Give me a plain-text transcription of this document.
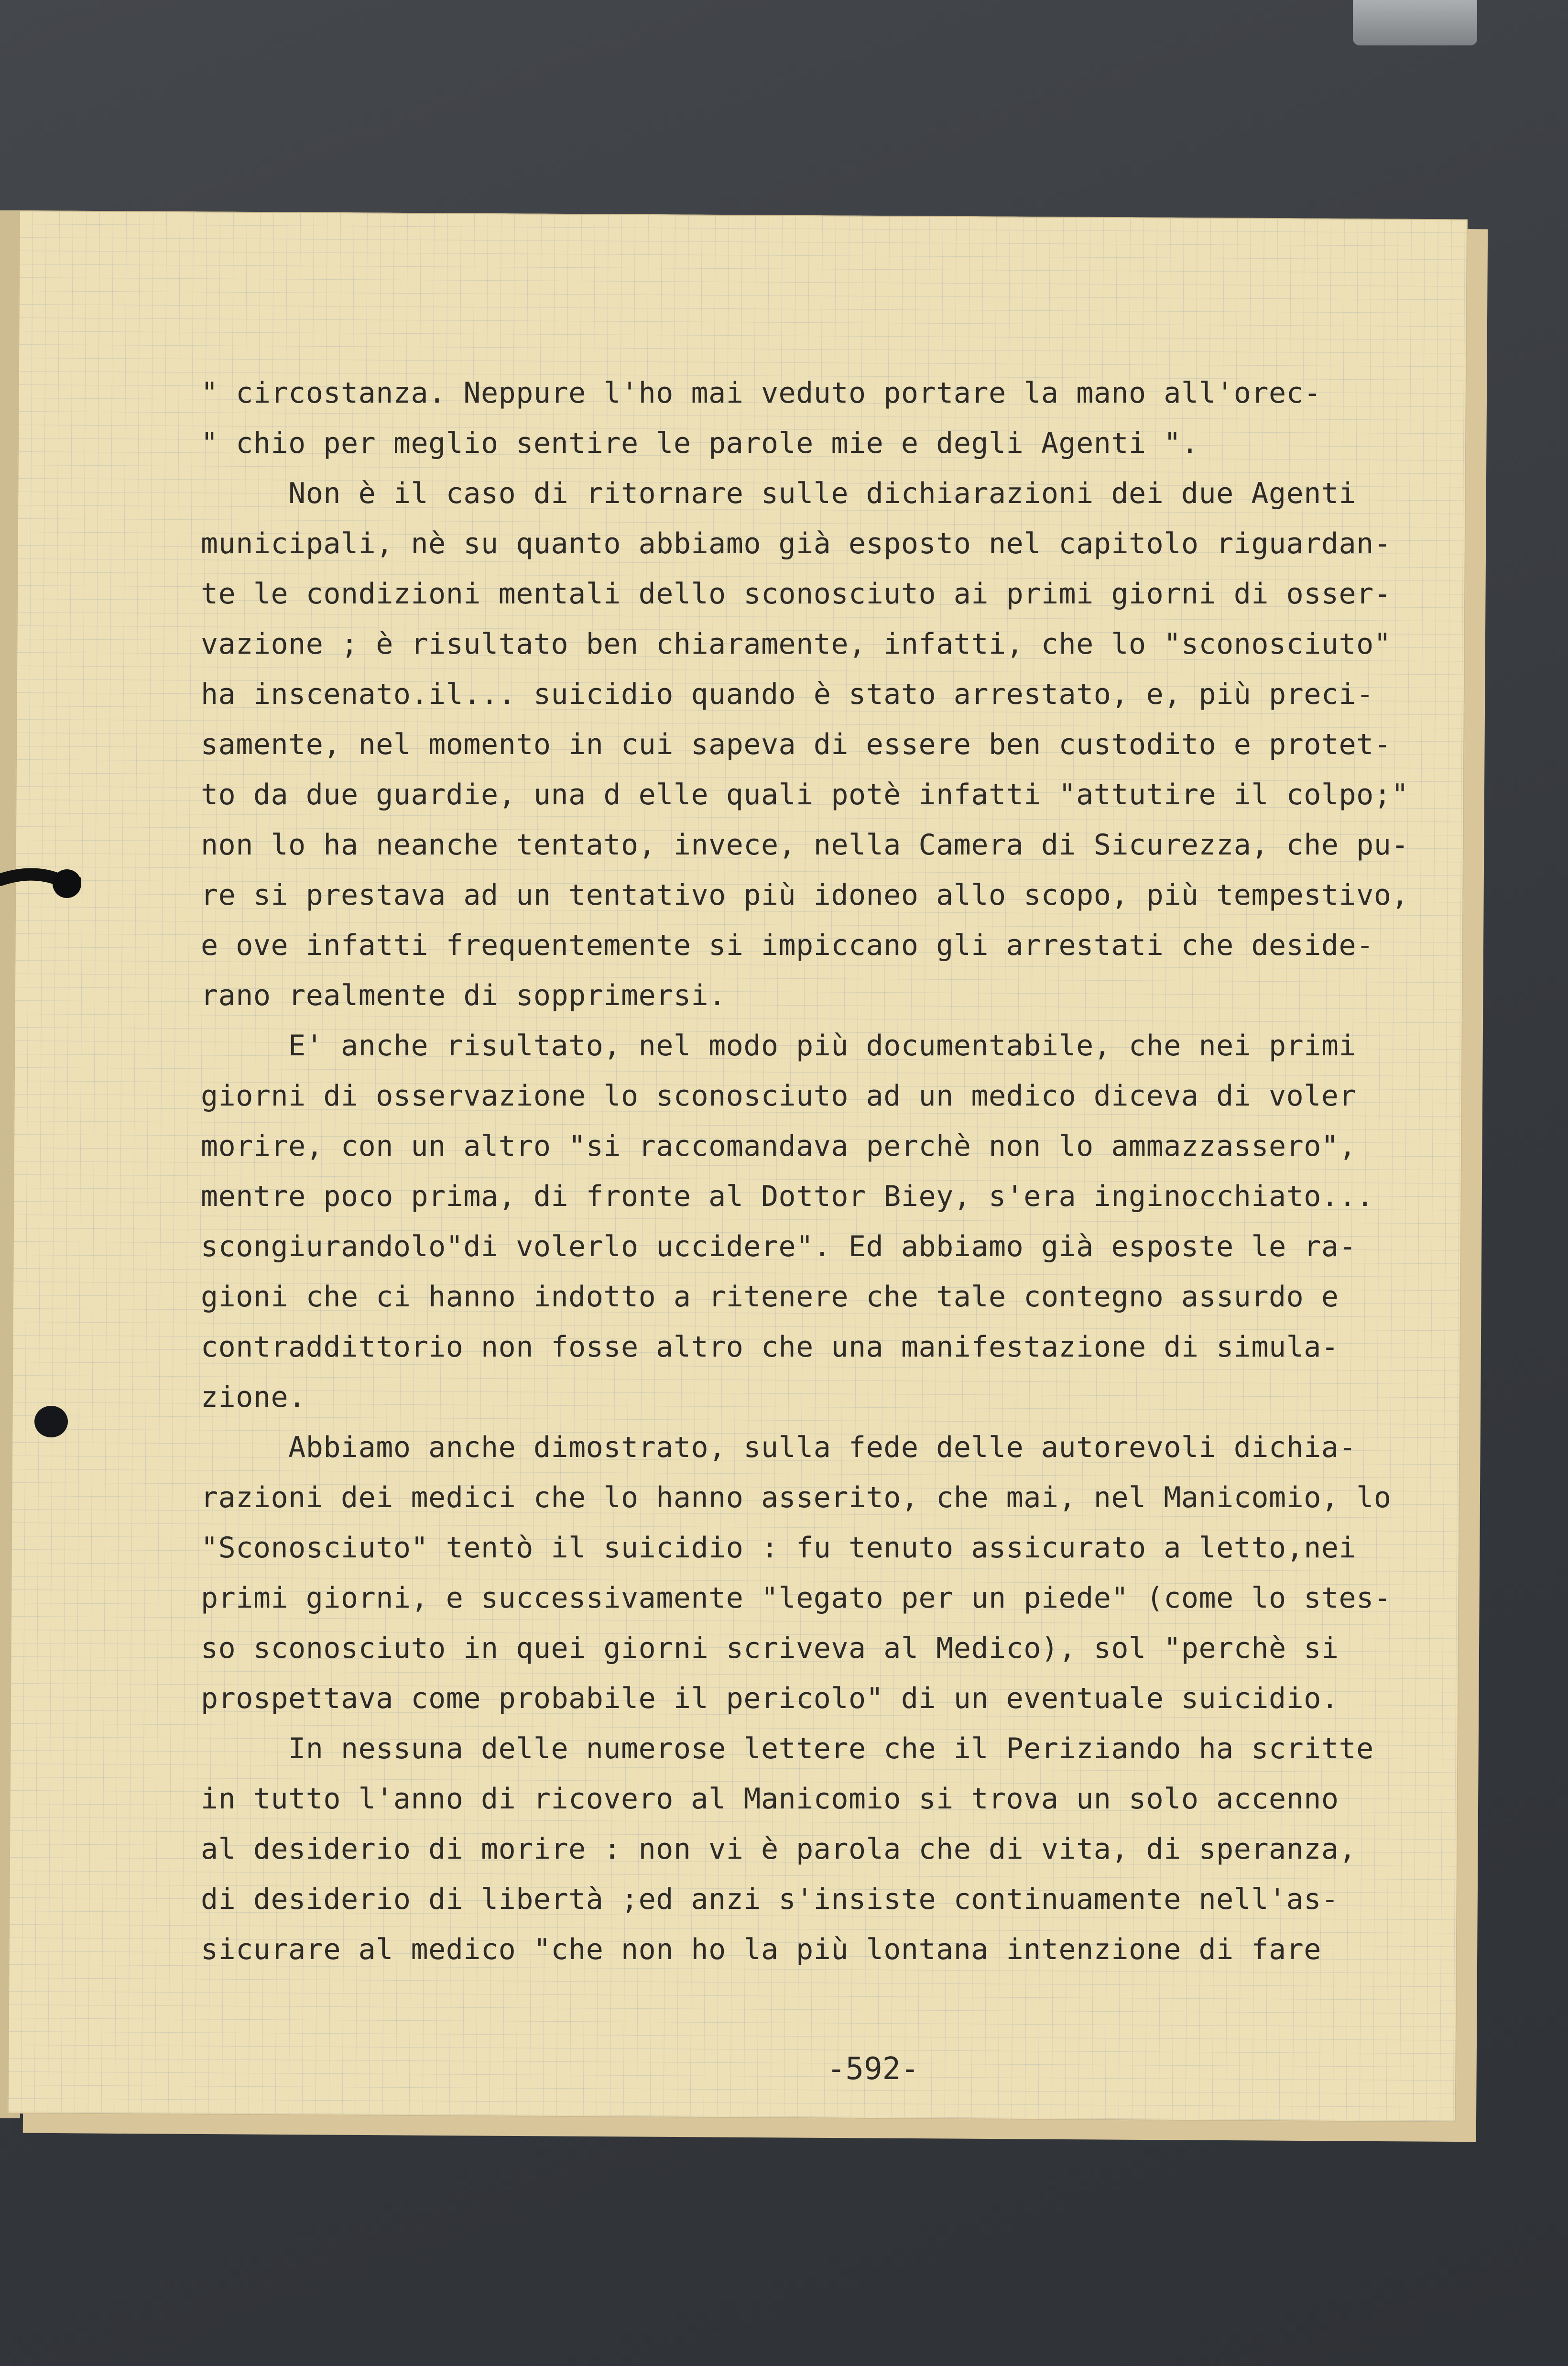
" circostanza. Neppure l'ho mai veduto portare la mano all'orec-
" chio per meglio sentire le parole mie e degli Agenti ".
Non è il caso di ritornare sulle dichiarazioni dei due Agenti
municipali, nè su quanto abbiamo già esposto nel capitolo riguardan-
te le condizioni mentali dello sconosciuto ai primi giorni di osser-
vazione ; è risultato ben chiaramente, infatti, che lo "sconosciuto"
ha inscenato.il... suicidio quando è stato arrestato, e, più preci-
samente, nel momento in cui sapeva di essere ben custodito e protet-
to da due guardie, una d elle quali potè infatti "attutire il colpo;"
non lo ha neanche tentato, invece, nella Camera di Sicurezza, che pu-
re si prestava ad un tentativo più idoneo allo scopo, più tempestivo,
e ove infatti frequentemente si impiccano gli arrestati che deside-
rano realmente di sopprimersi.
E' anche risultato, nel modo più documentabile, che nei primi
giorni di osservazione lo sconosciuto ad un medico diceva di voler
morire, con un altro "si raccomandava perchè non lo ammazzassero",
mentre poco prima, di fronte al Dottor Biey, s'era inginocchiato...
scongiurandolo"di volerlo uccidere". Ed abbiamo già esposte le ra-
gioni che ci hanno indotto a ritenere che tale contegno assurdo e
contraddittorio non fosse altro che una manifestazione di simula-
zione.
Abbiamo anche dimostrato, sulla fede delle autorevoli dichia-
razioni dei medici che lo hanno asserito, che mai, nel Manicomio, lo
"Sconosciuto" tentò il suicidio : fu tenuto assicurato a letto,nei
primi giorni, e successivamente "legato per un piede" (come lo stes-
so sconosciuto in quei giorni scriveva al Medico), sol "perchè si
prospettava come probabile il pericolo" di un eventuale suicidio.
In nessuna delle numerose lettere che il Periziando ha scritte
in tutto l'anno di ricovero al Manicomio si trova un solo accenno
al desiderio di morire : non vi è parola che di vita, di speranza,
di desiderio di libertà ;ed anzi s'insiste continuamente nell'as-
sicurare al medico "che non ho la più lontana intenzione di fare
-592-
